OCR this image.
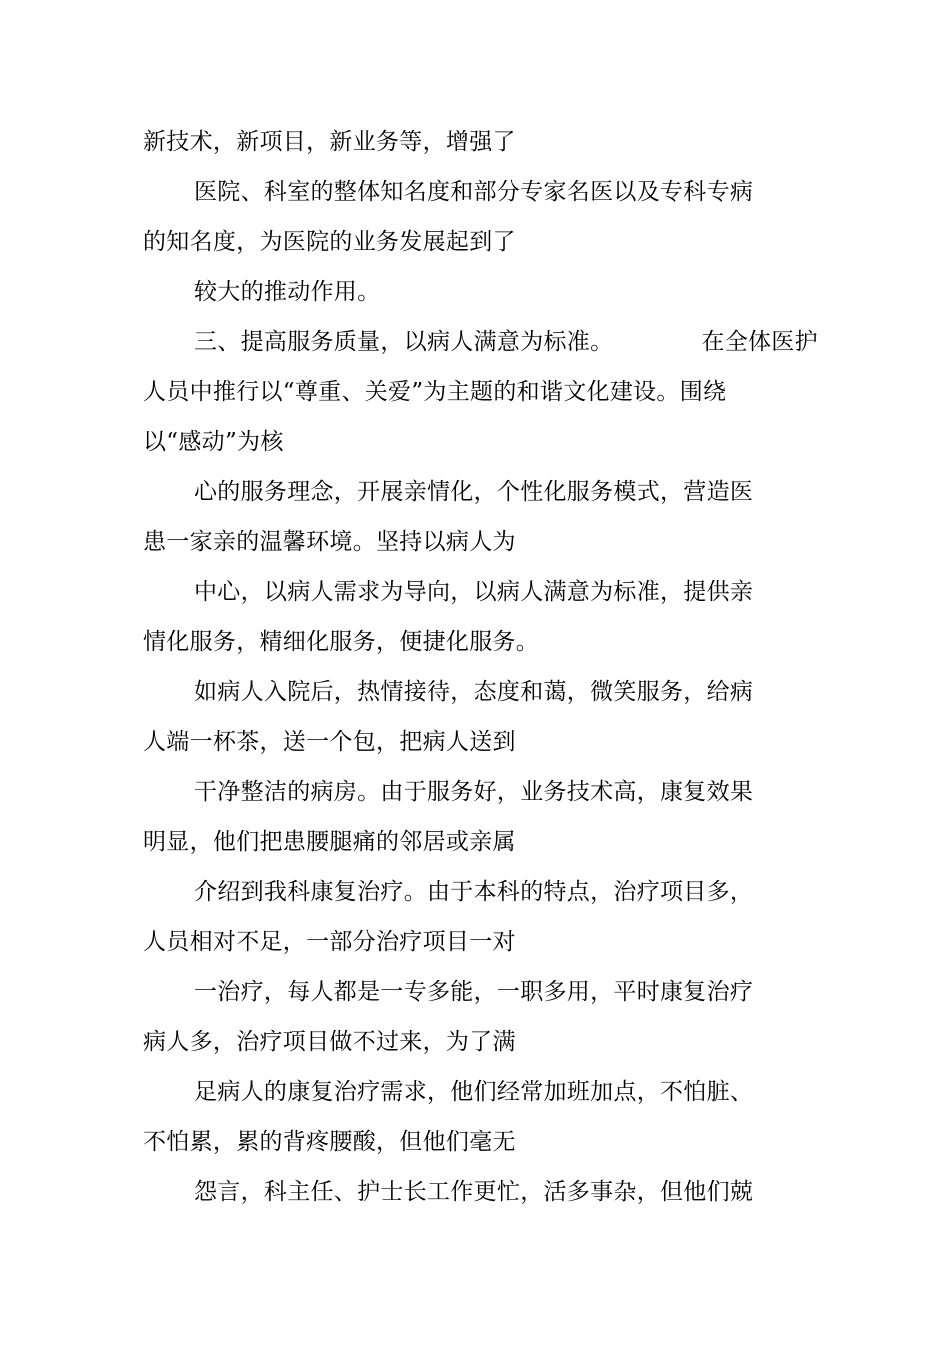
新技术，新项目，新业务等，增强了
医院、科室的整体知名度和部分专家名医以及专科专病
的知名度，为医院的业务发展起到了
较大的推动作用。
三、提高服务质量，以病人满意为标准。	在全体医护
人员中推行以“尊重、关爱”为主题的和谐文化建设。围绕
以“感动”为核
心的服务理念，开展亲情化，个性化服务模式，营造医
患一家亲的温馨环境。坚持以病人为
中心，以病人需求为导向，以病人满意为标准，提供亲
情化服务，精细化服务，便捷化服务。
如病人入院后，热情接待，态度和蔼，微笑服务，给病
人端一杯茶，送一个包，把病人送到
干净整洁的病房。由于服务好，业务技术高，康复效果
明显，他们把患腰腿痛的邻居或亲属
介绍到我科康复治疗。由于本科的特点，治疗项目多，
人员相对不足，一部分治疗项目一对
一治疗，每人都是一专多能，一职多用，平时康复治疗
病人多，治疗项目做不过来，为了满
足病人的康复治疗需求，他们经常加班加点，不怕脏、
不怕累，累的背疼腰酸，但他们毫无
怨言，科主任、护士长工作更忙，活多事杂，但他们兢
